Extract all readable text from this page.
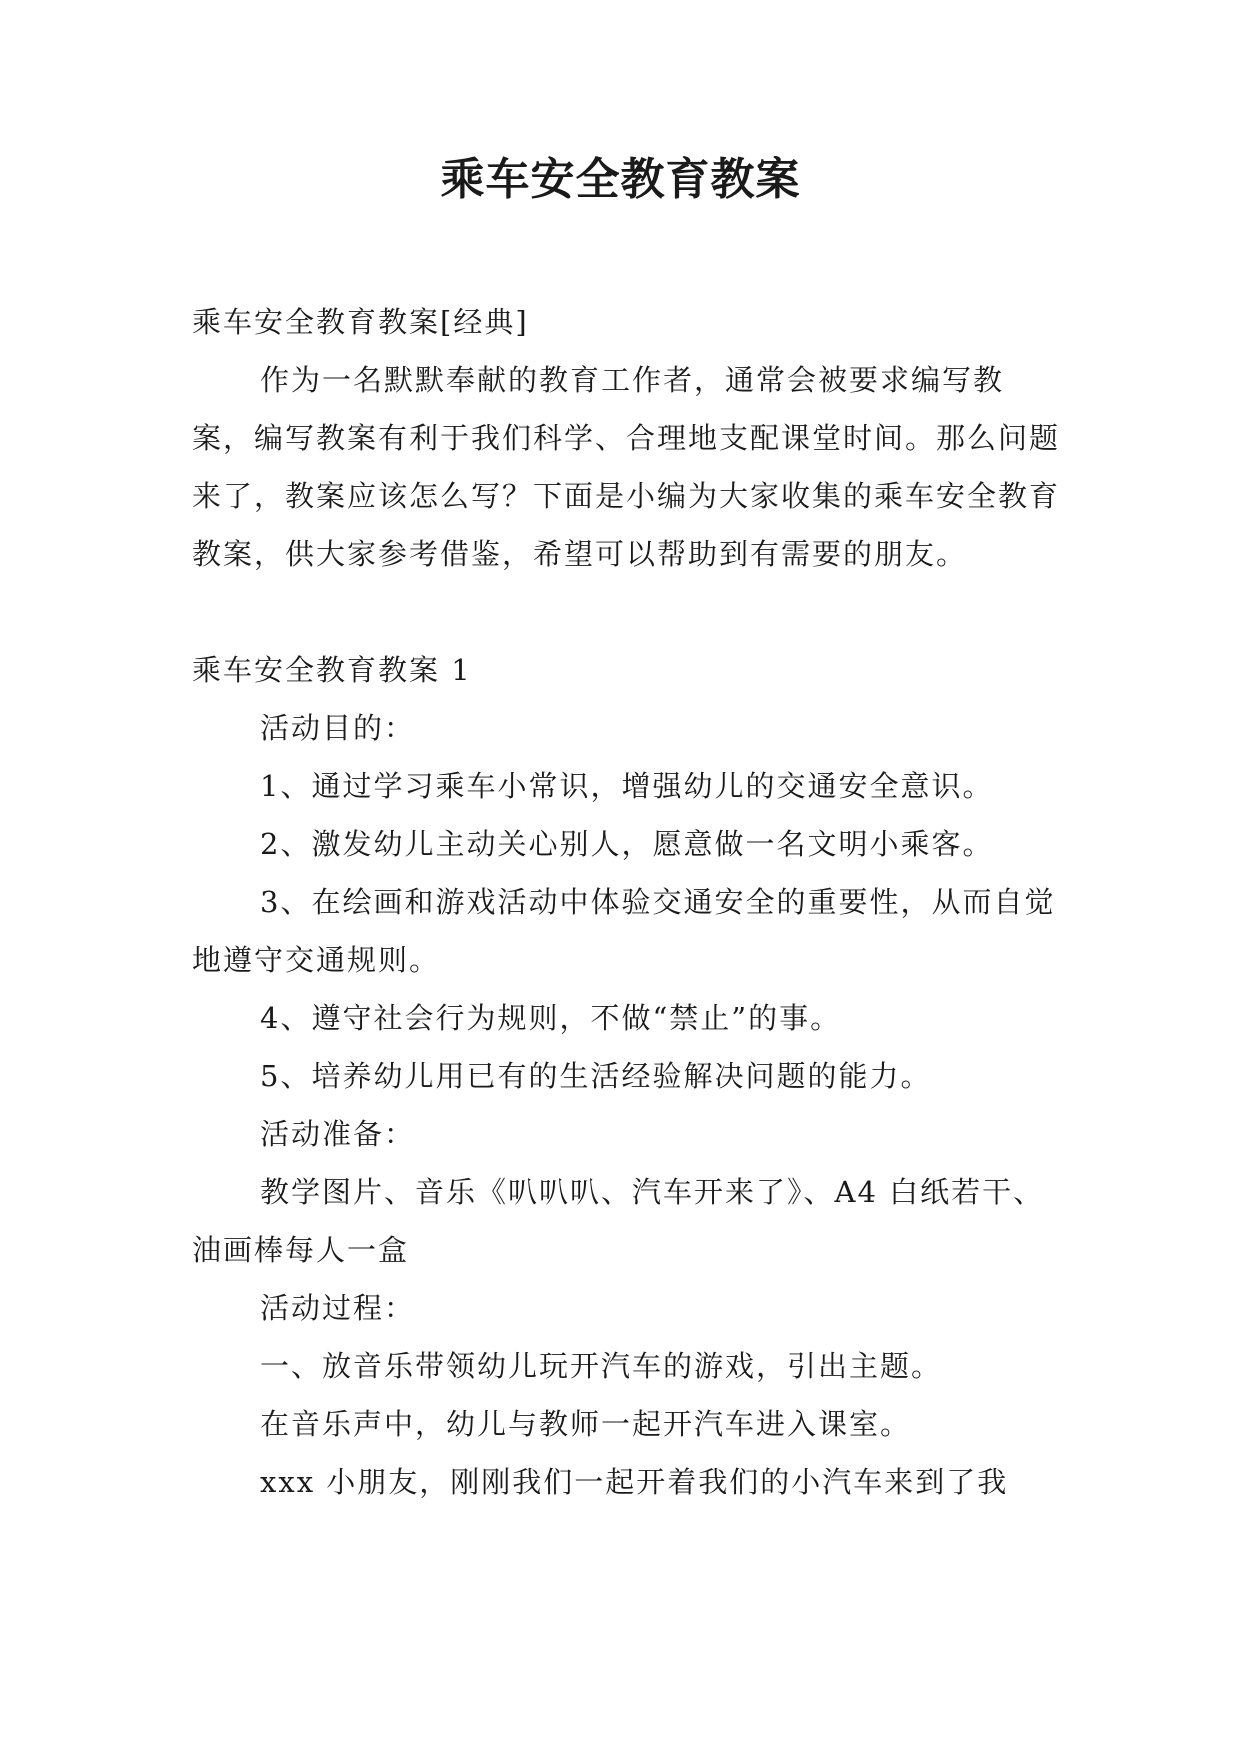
乘车安全教育教案

乘车安全教育教案[经典]

作为一名默默奉献的教育工作者，通常会被要求编写教案，编写教案有利于我们科学、合理地支配课堂时间。那么问题来了，教案应该怎么写？下面是小编为大家收集的乘车安全教育教案，供大家参考借鉴，希望可以帮助到有需要的朋友。

乘车安全教育教案 1

活动目的：

1、通过学习乘车小常识，增强幼儿的交通安全意识。

2、激发幼儿主动关心别人，愿意做一名文明小乘客。

3、在绘画和游戏活动中体验交通安全的重要性，从而自觉地遵守交通规则。

4、遵守社会行为规则，不做“禁止”的事。

5、培养幼儿用已有的生活经验解决问题的能力。

活动准备：

教学图片、音乐《叭叭叭、汽车开来了》、A4 白纸若干、油画棒每人一盒

活动过程：

一、放音乐带领幼儿玩开汽车的游戏，引出主题。

在音乐声中，幼儿与教师一起开汽车进入课室。

xxx 小朋友，刚刚我们一起开着我们的小汽车来到了我
